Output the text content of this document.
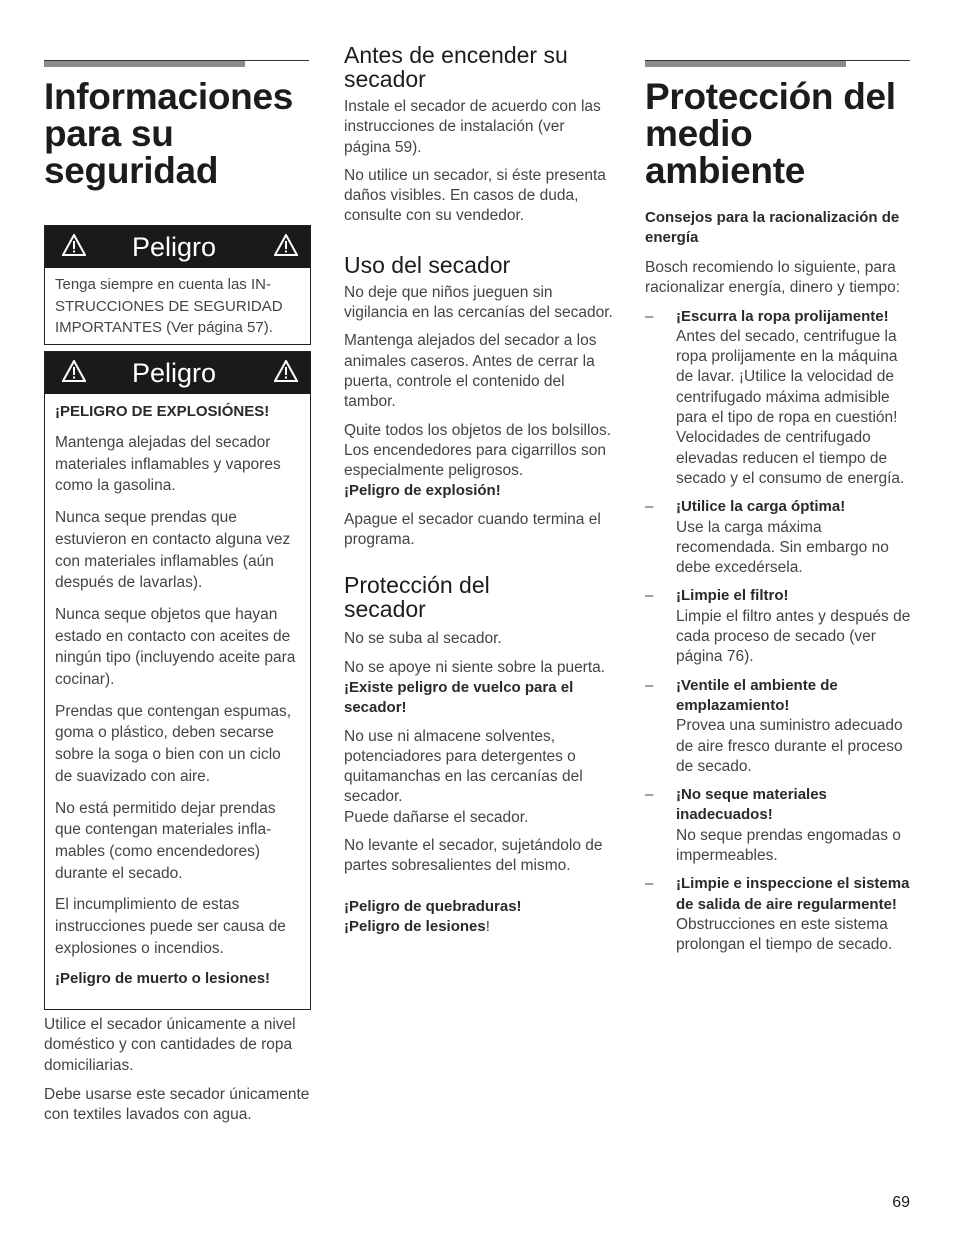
Informaciones para su seguridad
Peligro

Tenga siempre en cuenta las IN-STRUCCIONES DE SEGURIDAD IMPORTANTES (Ver página 57).

Peligro

¡PELIGRO DE EXPLOSIÓNES!

Mantenga alejadas del secador materiales inflamables y vapores como la gasolina.

Nunca seque prendas que estuvieron en contacto alguna vez con materiales inflamables (aún después de lavarlas).

Nunca seque objetos que hayan estado en contacto con aceites de ningún tipo (incluyendo aceite para cocinar).

Prendas que contengan espumas, goma o plástico, deben secarse sobre la soga o bien con un ciclo de suavizado con aire.

No está permitido dejar prendas que contengan materiales infla-mables (como encendedores) durante el secado.

El incumplimiento de estas instrucciones puede ser causa de explosiones o incendios.

¡Peligro de muerto o lesiones!

Utilice el secador únicamente a nivel doméstico y con cantidades de ropa domiciliarias.

Debe usarse este secador únicamente con textiles lavados con agua.

Antes de encender su secador

Instale el secador de acuerdo con las instrucciones de instalación (ver página 59).

No utilice un secador, si éste presenta daños visibles. En casos de duda, consulte con su vendedor.

Uso del secador

No deje que niños jueguen sin vigilancia en las cercanías del secador.

Mantenga alejados del secador a los animales caseros. Antes de cerrar la puerta, controle el contenido del tambor.

Quite todos los objetos de los bolsillos.

Los encendedores para cigarrillos son especialmente peligrosos.

¡Peligro de explosión!

Apague el secador cuando termina el programa.

Protección del secador

No se suba al secador.

No se apoye ni siente sobre la puerta.

¡Existe peligro de vuelco para el secador!

No use ni almacene solventes, potenciadores para detergentes o quitamanchas en las cercanías del secador.

Puede dañarse el secador.

No levante el secador, sujetándolo de partes sobresalientes del mismo.

¡Peligro de quebraduras!

¡Peligro de lesiones!

Protección del medio ambiente

Consejos para la racionalización de energía

Bosch recomiendo lo siguiente, para racionalizar energía, dinero y tiempo:

– ¡Escurra la ropa prolijamente!

Antes del secado, centrifugue la ropa prolijamente en la máquina de lavar. ¡Utilice la velocidad de centrifugado máxima admisible para el tipo de ropa en cuestión! Velocidades de centrifugado elevadas reducen el tiempo de secado y el consumo de energía.

– ¡Utilice la carga óptima!

Use la carga máxima recomendada. Sin embargo no debe excedérsela.

– ¡Limpie el filtro!

Limpie el filtro antes y después de cada proceso de secado (ver página 76).

– ¡Ventile el ambiente de emplazamiento!

Provea una suministro adecuado de aire fresco durante el proceso de secado.

– ¡No seque materiales inadecuados!

No seque prendas engomadas o impermeables.

– ¡Limpie e inspeccione el sistema de salida de aire regularmente!

Obstrucciones en este sistema prolongan el tiempo de secado.

69
